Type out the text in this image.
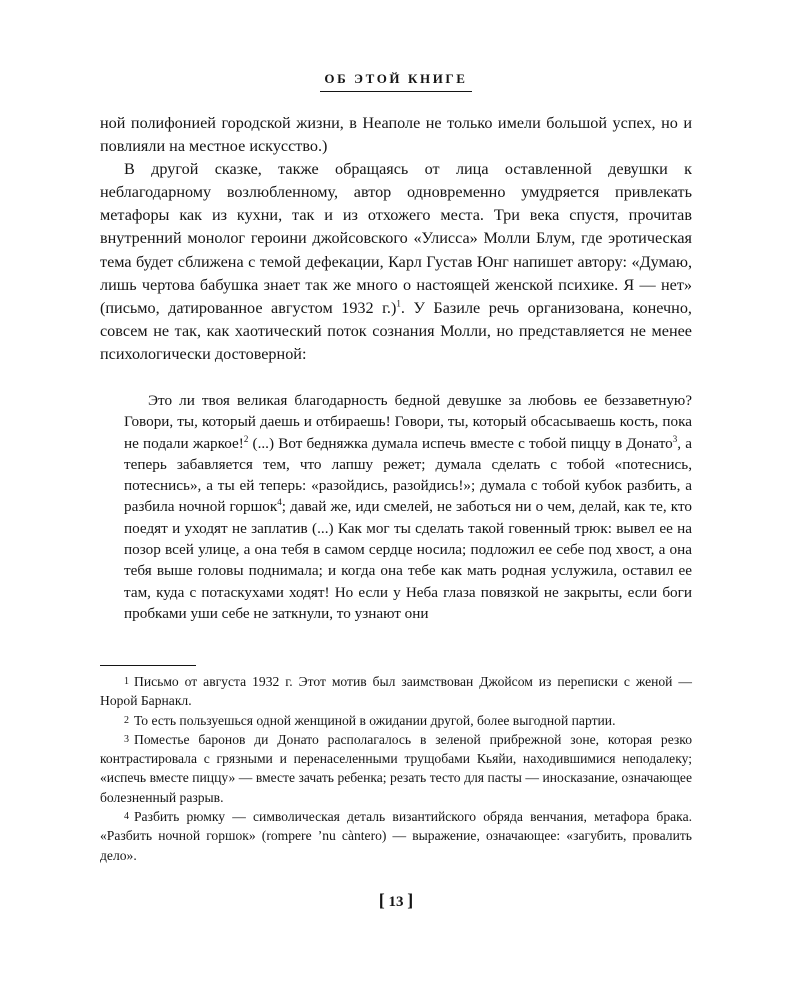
ОБ ЭТОЙ КНИГЕ

ной полифонией городской жизни, в Неаполе не только имели большой успех, но и повлияли на местное искусство.)

В другой сказке, также обращаясь от лица оставленной девушки к неблагодарному возлюбленному, автор одновременно умудряется привлекать метафоры как из кухни, так и из отхожего места. Три века спустя, прочитав внутренний монолог героини джойсовского «Улисса» Молли Блум, где эротическая тема будет сближена с темой дефекации, Карл Густав Юнг напишет автору: «Думаю, лишь чертова бабушка знает так же много о настоящей женской психике. Я — нет» (письмо, датированное августом 1932 г.)$^1$. У Базиле речь организована, конечно, совсем не так, как хаотический поток сознания Молли, но представляется не менее психологически достоверной:

Это ли твоя великая благодарность бедной девушке за любовь ее беззаветную? Говори, ты, который даешь и отбираешь! Говори, ты, который обсасываешь кость, пока не подали жаркое!$^2$ (...) Вот бедняжка думала испечь вместе с тобой пиццу в Донато$^3$, а теперь забавляется тем, что лапшу режет; думала сделать с тобой «потеснись, потеснись», а ты ей теперь: «разойдись, разойдись!»; думала с тобой кубок разбить, а разбила ночной горшок$^4$; давай же, иди смелей, не заботься ни о чем, делай, как те, кто поедят и уходят не заплатив (...) Как мог ты сделать такой говенный трюк: вывел ее на позор всей улице, а она тебя в самом сердце носила; подложил ее себе под хвост, а она тебя выше головы поднимала; и когда она тебе как мать родная услужила, оставил ее там, куда с потаскухами ходят! Но если у Неба глаза повязкой не закрыты, если боги пробками уши себе не заткнули, то узнают они

1 Письмо от августа 1932 г. Этот мотив был заимствован Джойсом из переписки с женой — Норой Барнакл.

2 То есть пользуешься одной женщиной в ожидании другой, более выгодной партии.

3 Поместье баронов ди Донато располагалось в зеленой прибрежной зоне, которая резко контрастировала с грязными и перенаселенными трущобами Кьяйи, находившимися неподалеку; «испечь вместе пиццу» — вместе зачать ребенка; резать тесто для пасты — иносказание, означающее болезненный разрыв.

4 Разбить рюмку — символическая деталь византийского обряда венчания, метафора брака. «Разбить ночной горшок» (rompere ’nu càntero) — выражение, означающее: «загубить, провалить дело».

[ 13 ]
